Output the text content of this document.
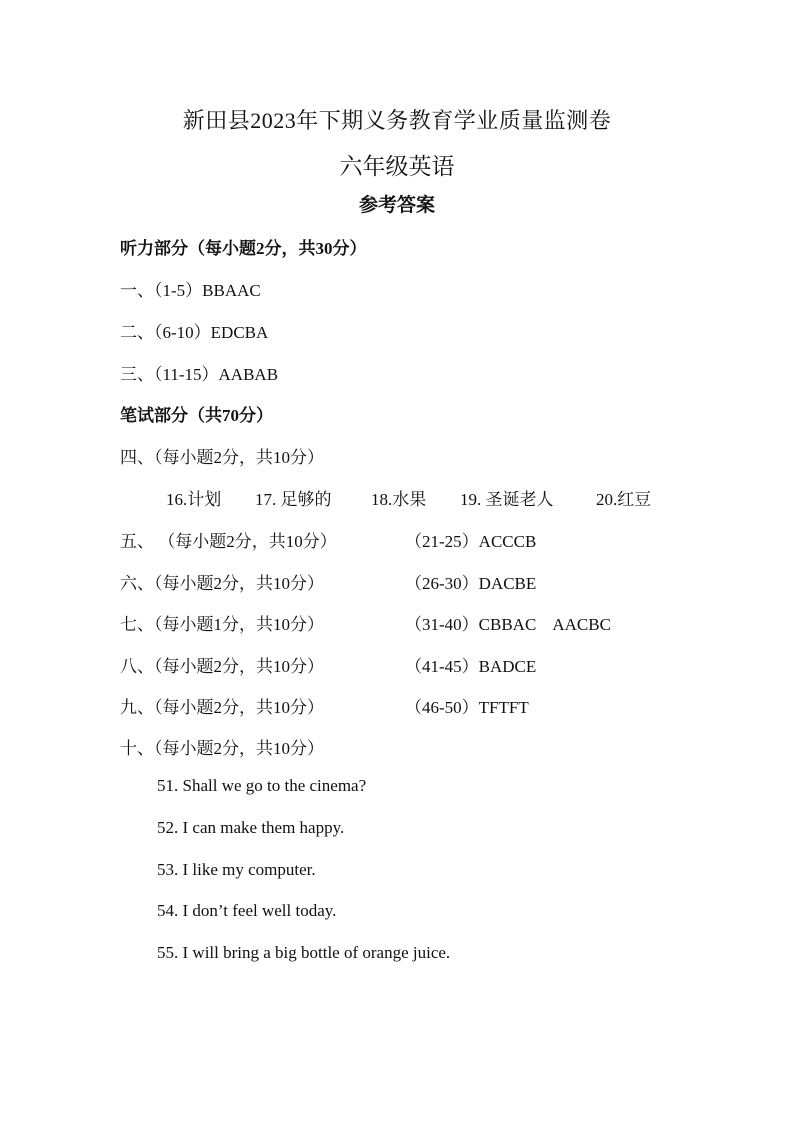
新田县2023年下期义务教育学业质量监测卷
六年级英语
参考答案
听力部分（每小题2分，共30分）
一、（1-5）BBAAC
二、（6-10）EDCBA
三、（11-15）AABAB
笔试部分（共70分）
四、（每小题2分，共10分）
16.计划 17. 足够的 18.水果 19. 圣诞老人	20.红豆
五、 （每小题2分，共10分）	（21-25）ACCCB
六、（每小题2分，共10分）	（26-30）DACBE
七、（每小题1分，共10分）	（31-40）CBBAC    AACBC
八、（每小题2分，共10分）	（41-45）BADCE
九、（每小题2分，共10分）	（46-50）TFTFT
十、（每小题2分，共10分）
51. Shall we go to the cinema?
52. I can make them happy.
53. I like my computer.
54. I don’t feel well today.
55. I will bring a big bottle of orange juice.
